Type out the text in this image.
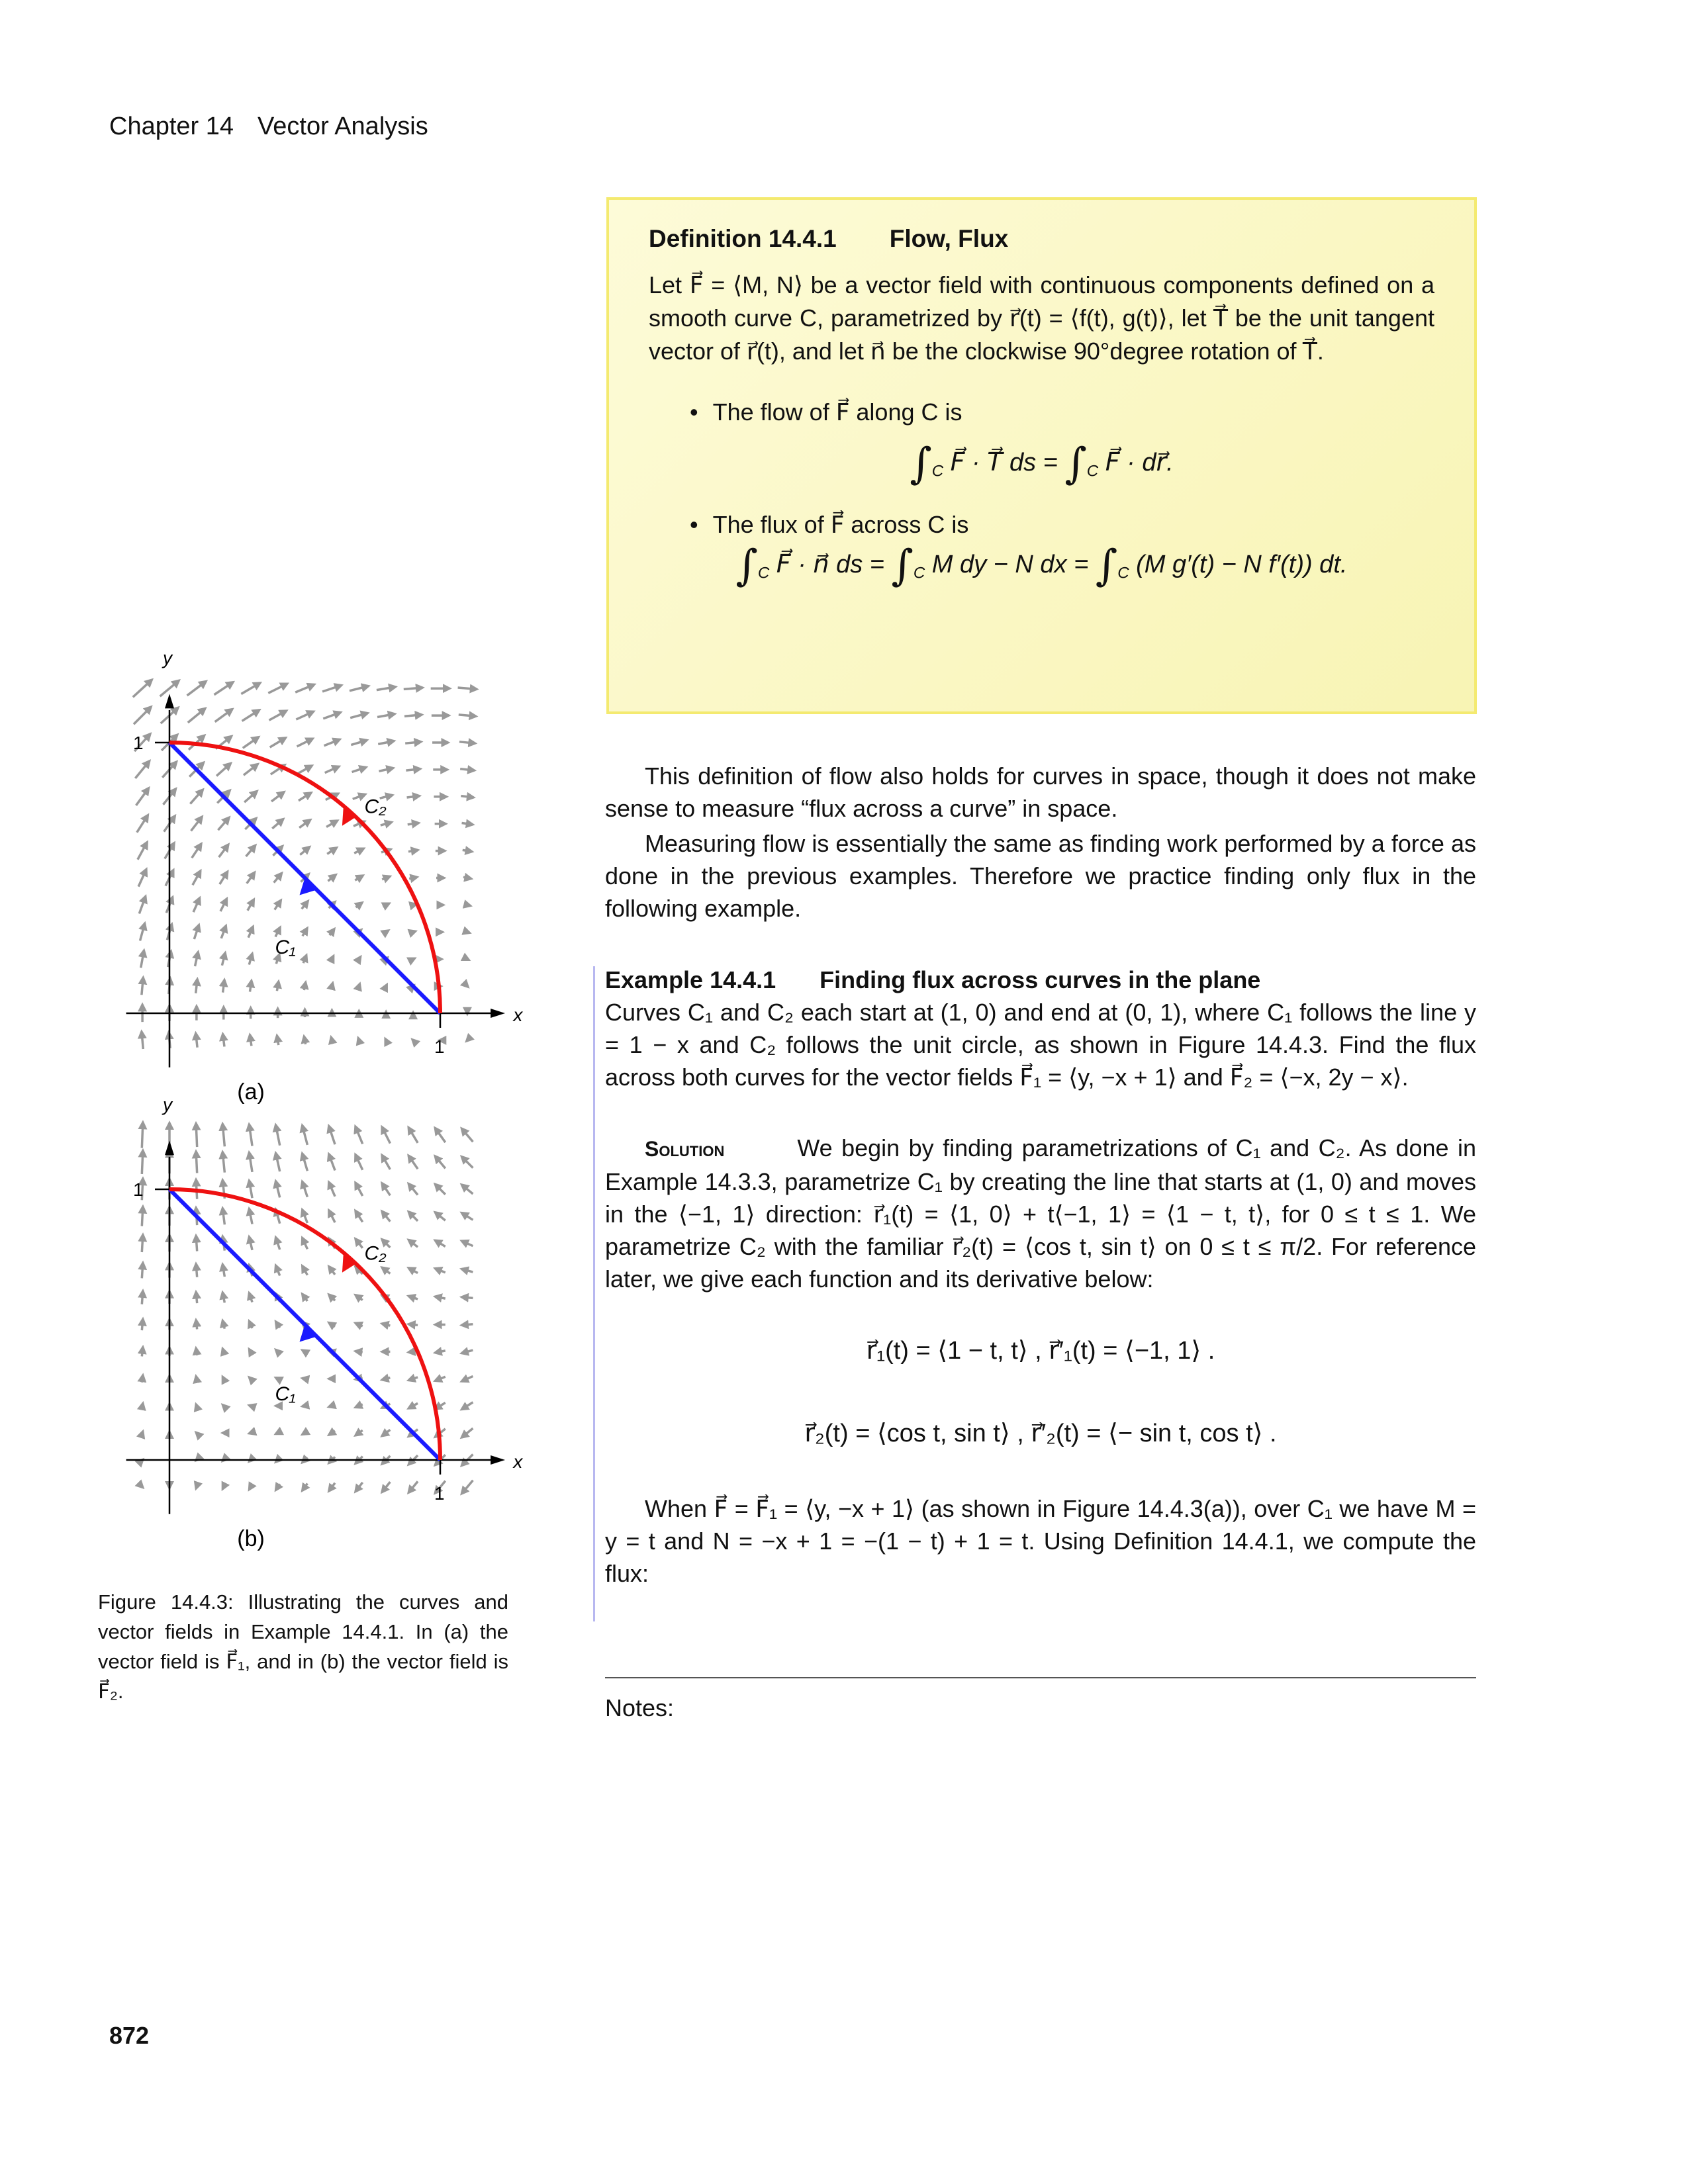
Chapter 14 Vector Analysis
Definition 14.4.1 Flow, Flux
Let F⃗ = ⟨M, N⟩ be a vector field with continuous components defined on a smooth curve C, parametrized by r⃗(t) = ⟨f(t), g(t)⟩, let T⃗ be the unit tangent vector of r⃗(t), and let n⃗ be the clockwise 90°degree rotation of T⃗.
• The flow of F⃗ along C is
$\int_C$ F⃗ · T⃗ ds = $\int_C$ F⃗ · dr⃗.
• The flux of F⃗ across C is
$\int_C$ F⃗ · n⃗ ds = $\int_C$ M dy − N dx = $\int_C$ (M g′(t) − N f′(t)) dt.

This definition of flow also holds for curves in space, though it does not make sense to measure “flux across a curve” in space.

Measuring flow is essentially the same as finding work performed by a force as done in the previous examples. Therefore we practice finding only flux in the following example.

Example 14.4.1 Finding flux across curves in the plane
Curves C₁ and C₂ each start at (1, 0) and end at (0, 1), where C₁ follows the line y = 1 − x and C₂ follows the unit circle, as shown in Figure 14.4.3. Find the flux across both curves for the vector fields F⃗₁ = ⟨y, −x + 1⟩ and F⃗₂ = ⟨−x, 2y − x⟩.
Solution	We begin by finding parametrizations of C₁ and C₂. As done in Example 14.3.3, parametrize C₁ by creating the line that starts at (1, 0) and moves in the ⟨−1, 1⟩ direction: r⃗₁(t) = ⟨1, 0⟩ + t⟨−1, 1⟩ = ⟨1 − t, t⟩, for 0 ≤ t ≤ 1. We parametrize C₂ with the familiar r⃗₂(t) = ⟨cos t, sin t⟩ on 0 ≤ t ≤ π/2. For reference later, we give each function and its derivative below:
r⃗₁(t) = ⟨1 − t, t⟩ , r⃗′₁(t) = ⟨−1, 1⟩ .
r⃗₂(t) = ⟨cos t, sin t⟩ , r⃗′₂(t) = ⟨− sin t, cos t⟩ .

When F⃗ = F⃗₁ = ⟨y, −x + 1⟩ (as shown in Figure 14.4.3(a)), over C₁ we have M = y = t and N = −x + 1 = −(1 − t) + 1 = t. Using Definition 14.4.1, we compute the flux:

Notes:
1
1
x
y
C₁
C₂
(a)
1
1
x
y
C₁
C₂
(b)
Figure 14.4.3: Illustrating the curves and vector fields in Example 14.4.1. In (a) the vector field is F⃗₁, and in (b) the vector field is F⃗₂.
872
